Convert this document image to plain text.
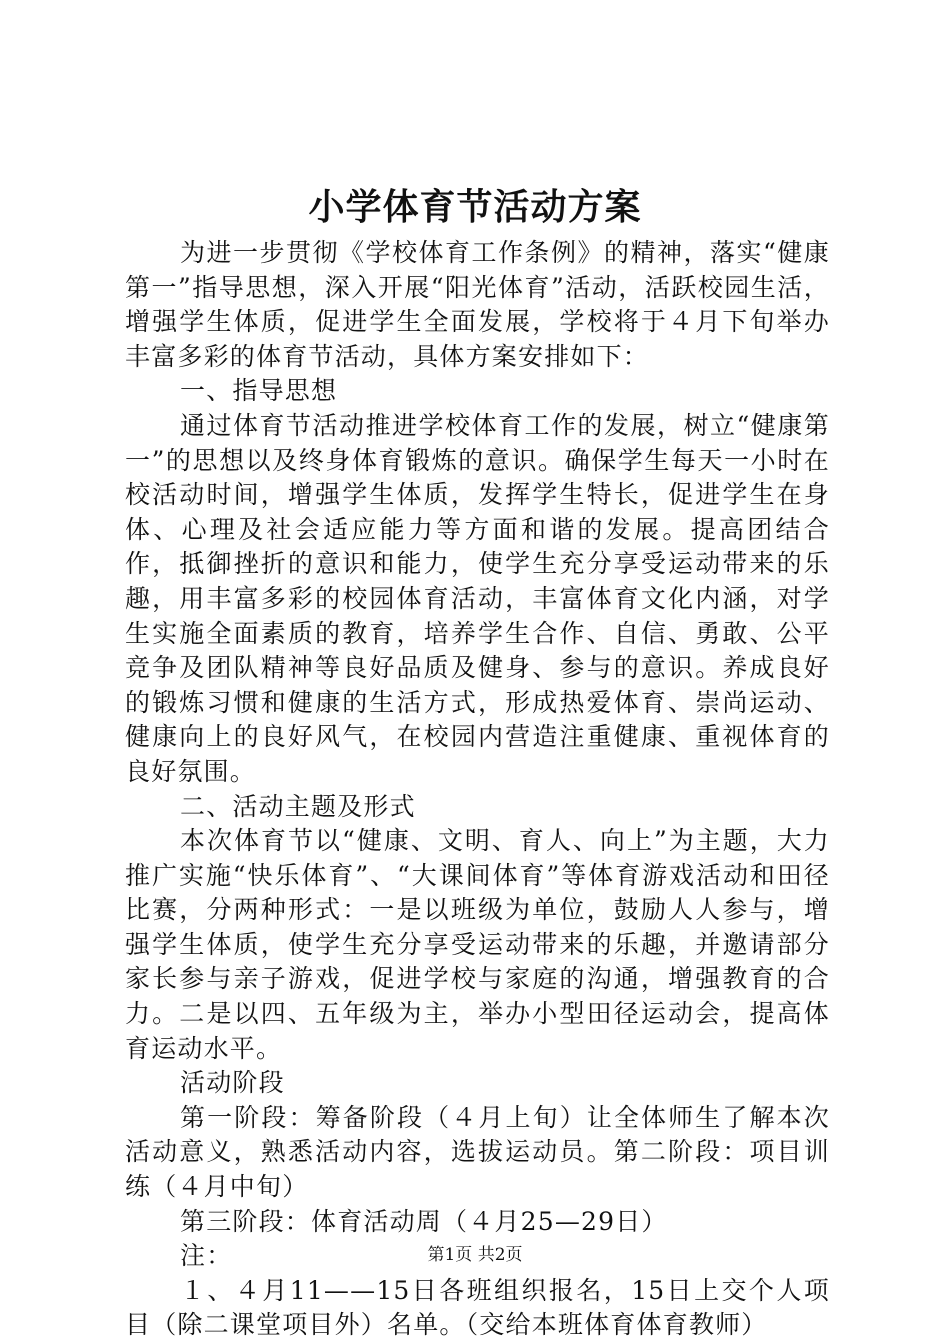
小学体育节活动方案

为进一步贯彻《学校体育工作条例》的精神，落实“健康第一”指导思想，深入开展“阳光体育”活动，活跃校园生活，增强学生体质，促进学生全面发展，学校将于４月下旬举办丰富多彩的体育节活动，具体方案安排如下：

一、指导思想

通过体育节活动推进学校体育工作的发展，树立“健康第一”的思想以及终身体育锻炼的意识。确保学生每天一小时在校活动时间，增强学生体质，发挥学生特长，促进学生在身体、心理及社会适应能力等方面和谐的发展。提高团结合作，抵御挫折的意识和能力，使学生充分享受运动带来的乐趣，用丰富多彩的校园体育活动，丰富体育文化内涵，对学生实施全面素质的教育，培养学生合作、自信、勇敢、公平竞争及团队精神等良好品质及健身、参与的意识。养成良好的锻炼习惯和健康的生活方式，形成热爱体育、崇尚运动、健康向上的良好风气，在校园内营造注重健康、重视体育的良好氛围。

二、活动主题及形式

本次体育节以“健康、文明、育人、向上”为主题，大力推广实施“快乐体育”、“大课间体育”等体育游戏活动和田径比赛，分两种形式：一是以班级为单位，鼓励人人参与，增强学生体质，使学生充分享受运动带来的乐趣，并邀请部分家长参与亲子游戏，促进学校与家庭的沟通，增强教育的合力。二是以四、五年级为主，举办小型田径运动会，提高体育运动水平。

活动阶段

第一阶段：筹备阶段（４月上旬）让全体师生了解本次活动意义，熟悉活动内容，选拔运动员。第二阶段：项目训练（４月中旬）

第三阶段：体育活动周（４月25—29日）

注：

１、４月11——15日各班组织报名，15日上交个人项目（除二课堂项目外）名单。（交给本班体育体育教师）

第1页 共2页
